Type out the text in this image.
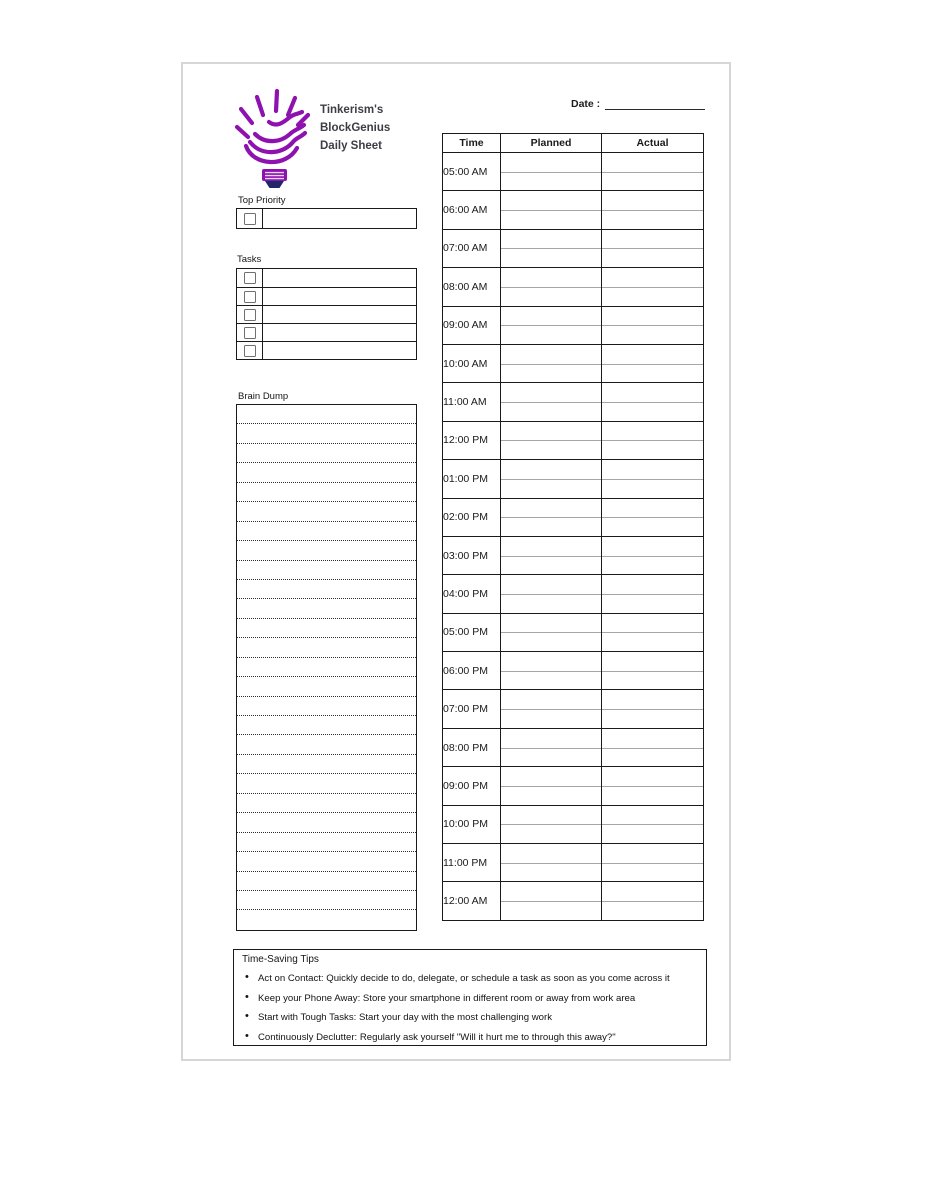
Tinkerism's
BlockGenius
Daily Sheet
Date :
Time	Planned	Actual
05:00 AM	

06:00 AM	

07:00 AM	

08:00 AM	

09:00 AM	

10:00 AM	

11:00 AM	

12:00 PM	

01:00 PM	

02:00 PM	

03:00 PM	

04:00 PM	

05:00 PM	

06:00 PM	

07:00 PM	

08:00 PM	

09:00 PM	

10:00 PM	

11:00 PM	

12:00 AM	

Top Priority
Tasks
Brain Dump
Time-Saving Tips
• Act on Contact: Quickly decide to do, delegate, or schedule a task as soon as you come across it
• Keep your Phone Away: Store your smartphone in different room or away from work area
• Start with Tough Tasks: Start your day with the most challenging work
• Continuously Declutter: Regularly ask yourself "Will it hurt me to through this away?"
